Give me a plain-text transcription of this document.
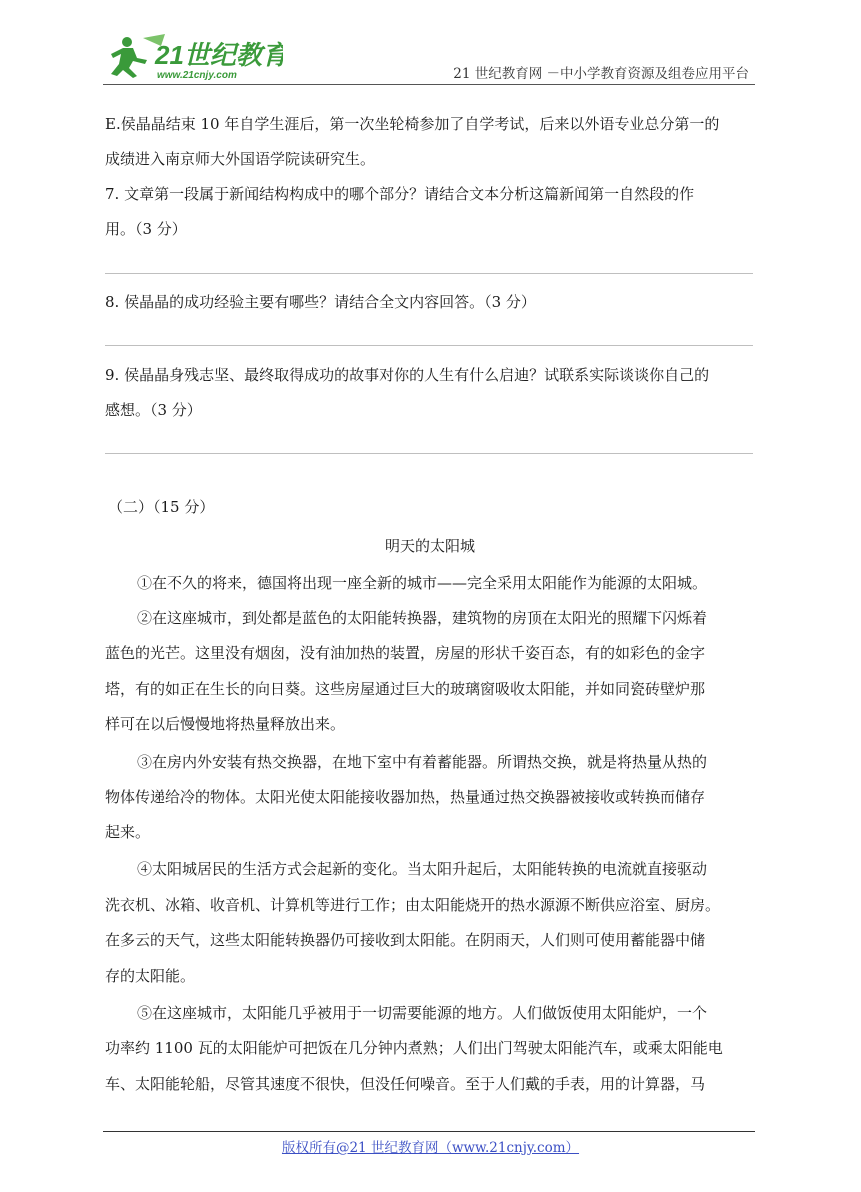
21世纪教育
www.21cnjy.com	21 世纪教育网 －中小学教育资源及组卷应用平台
E.侯晶晶结束 10 年自学生涯后，第一次坐轮椅参加了自学考试，后来以外语专业总分第一的
成绩进入南京师大外国语学院读研究生。
7. 文章第一段属于新闻结构构成中的哪个部分？请结合文本分析这篇新闻第一自然段的作
用。（3 分）
8. 侯晶晶的成功经验主要有哪些？请结合全文内容回答。（3 分）
9. 侯晶晶身残志坚、最终取得成功的故事对你的人生有什么启迪？试联系实际谈谈你自己的
感想。（3 分）
（二）（15 分）
明天的太阳城
①在不久的将来，德国将出现一座全新的城市——完全采用太阳能作为能源的太阳城。
②在这座城市，到处都是蓝色的太阳能转换器，建筑物的房顶在太阳光的照耀下闪烁着
蓝色的光芒。这里没有烟囱，没有油加热的装置，房屋的形状千姿百态，有的如彩色的金字
塔，有的如正在生长的向日葵。这些房屋通过巨大的玻璃窗吸收太阳能，并如同瓷砖壁炉那
样可在以后慢慢地将热量释放出来。
③在房内外安装有热交换器，在地下室中有着蓄能器。所谓热交换，就是将热量从热的
物体传递给冷的物体。太阳光使太阳能接收器加热，热量通过热交换器被接收或转换而储存
起来。
④太阳城居民的生活方式会起新的变化。当太阳升起后，太阳能转换的电流就直接驱动
洗衣机、冰箱、收音机、计算机等进行工作；由太阳能烧开的热水源源不断供应浴室、厨房。
在多云的天气，这些太阳能转换器仍可接收到太阳能。在阴雨天，人们则可使用蓄能器中储
存的太阳能。
⑤在这座城市，太阳能几乎被用于一切需要能源的地方。人们做饭使用太阳能炉，一个
功率约 1100 瓦的太阳能炉可把饭在几分钟内煮熟；人们出门驾驶太阳能汽车，或乘太阳能电
车、太阳能轮船，尽管其速度不很快，但没任何噪音。至于人们戴的手表，用的计算器，马
版权所有@21 世纪教育网（www.21cnjy.com）
